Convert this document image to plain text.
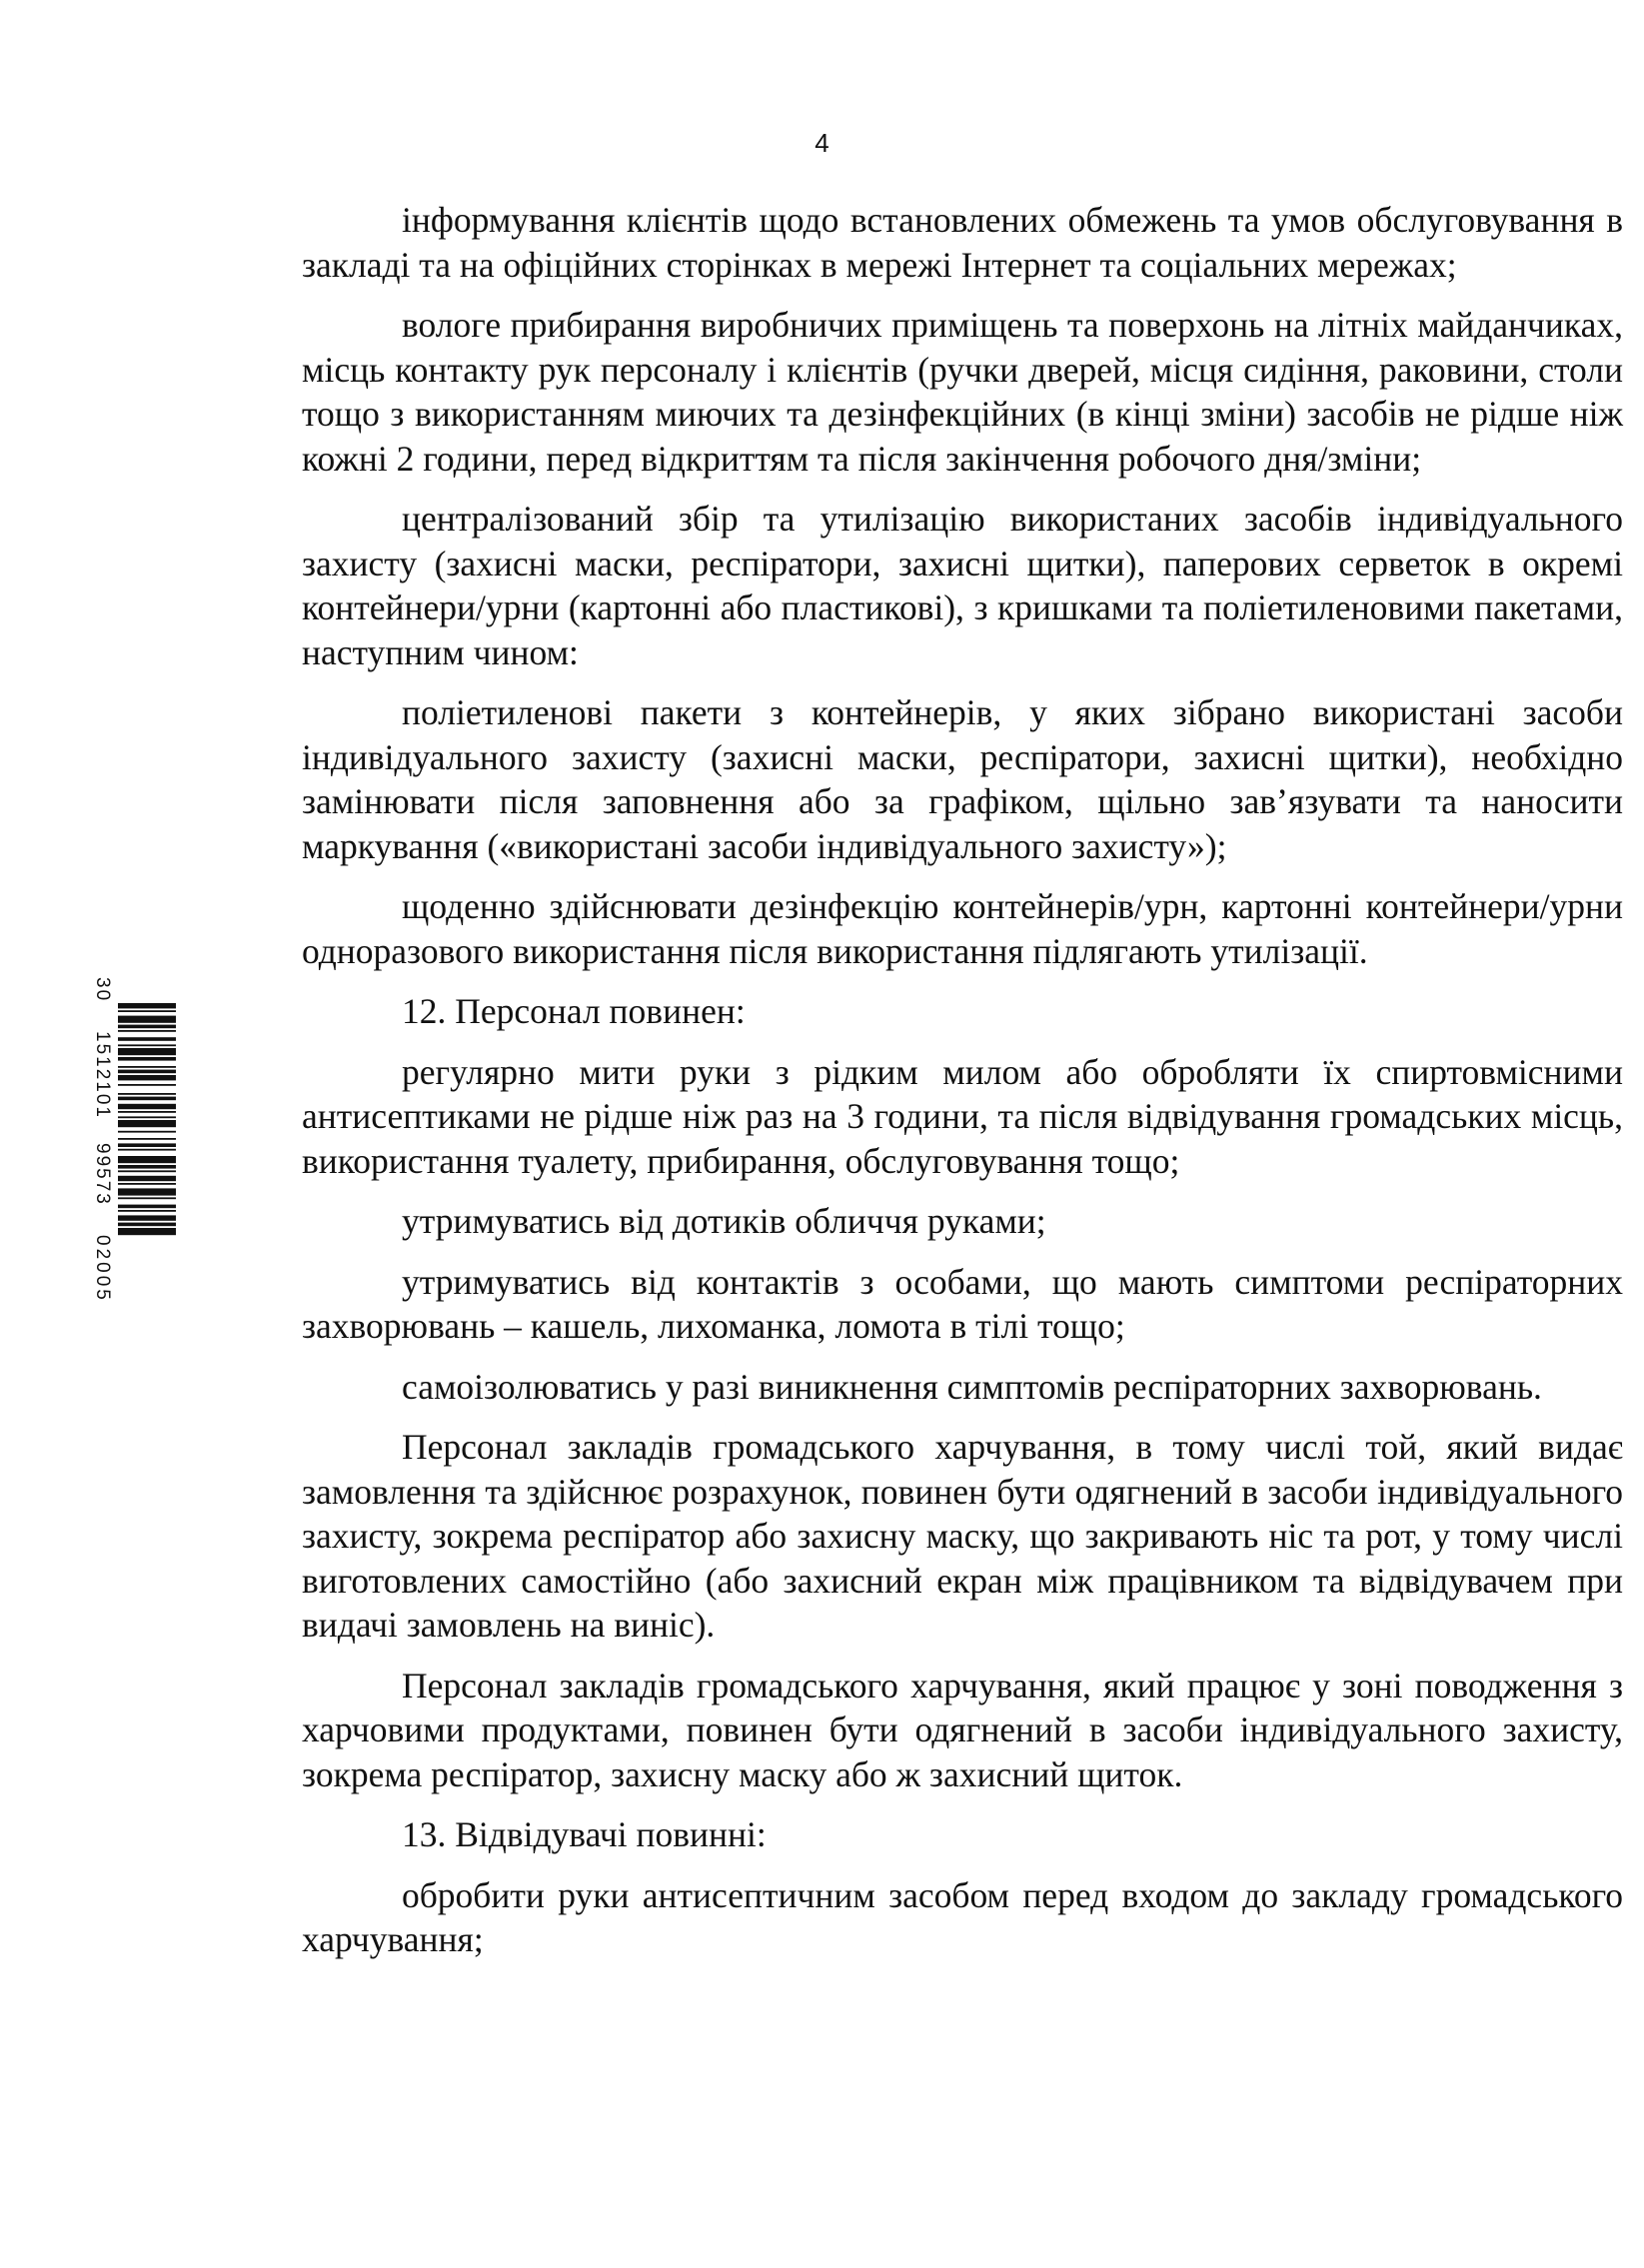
4

інформування клієнтів щодо встановлених обмежень та умов обслуговування в закладі та на офіційних сторінках в мережі Інтернет та соціальних мережах;

вологе прибирання виробничих приміщень та поверхонь на літніх майданчиках, місць контакту рук персоналу і клієнтів (ручки дверей, місця сидіння, раковини, столи тощо з використанням миючих та дезінфекційних (в кінці зміни) засобів не рідше ніж кожні 2 години, перед відкриттям та після закінчення робочого дня/зміни;

централізований збір та утилізацію використаних засобів індивідуального захисту (захисні маски, респіратори, захисні щитки), паперових серветок в окремі контейнери/урни (картонні або пластикові), з кришками та поліетиленовими пакетами, наступним чином:

поліетиленові пакети з контейнерів, у яких зібрано використані засоби індивідуального захисту (захисні маски, респіратори, захисні щитки), необхідно замінювати після заповнення або за графіком, щільно зав’язувати та наносити маркування («використані засоби індивідуального захисту»);

щоденно здійснювати дезінфекцію контейнерів/урн, картонні контейнери/урни одноразового використання після використання підлягають утилізації.

12. Персонал повинен:

регулярно мити руки з рідким милом або обробляти їх спиртовмісними антисептиками не рідше ніж раз на 3 години, та після відвідування громадських місць, використання туалету, прибирання, обслуговування тощо;

утримуватись від дотиків обличчя руками;

утримуватись від контактів з особами, що мають симптоми респіраторних захворювань – кашель, лихоманка, ломота в тілі тощо;

самоізолюватись у разі виникнення симптомів респіраторних захворювань.

Персонал закладів громадського харчування, в тому числі той, який видає замовлення та здійснює розрахунок, повинен бути одягнений в засоби індивідуального захисту, зокрема респіратор або захисну маску, що закривають ніс та рот, у тому числі виготовлених самостійно (або захисний екран між працівником та відвідувачем при видачі замовлень на виніс).

Персонал закладів громадського харчування, який працює у зоні поводження з харчовими продуктами, повинен бути одягнений в засоби індивідуального захисту, зокрема респіратор, захисну маску або ж захисний щиток.

13. Відвідувачі повинні:

обробити руки антисептичним засобом перед входом до закладу громадського харчування;

30
1512101
99573
02005
